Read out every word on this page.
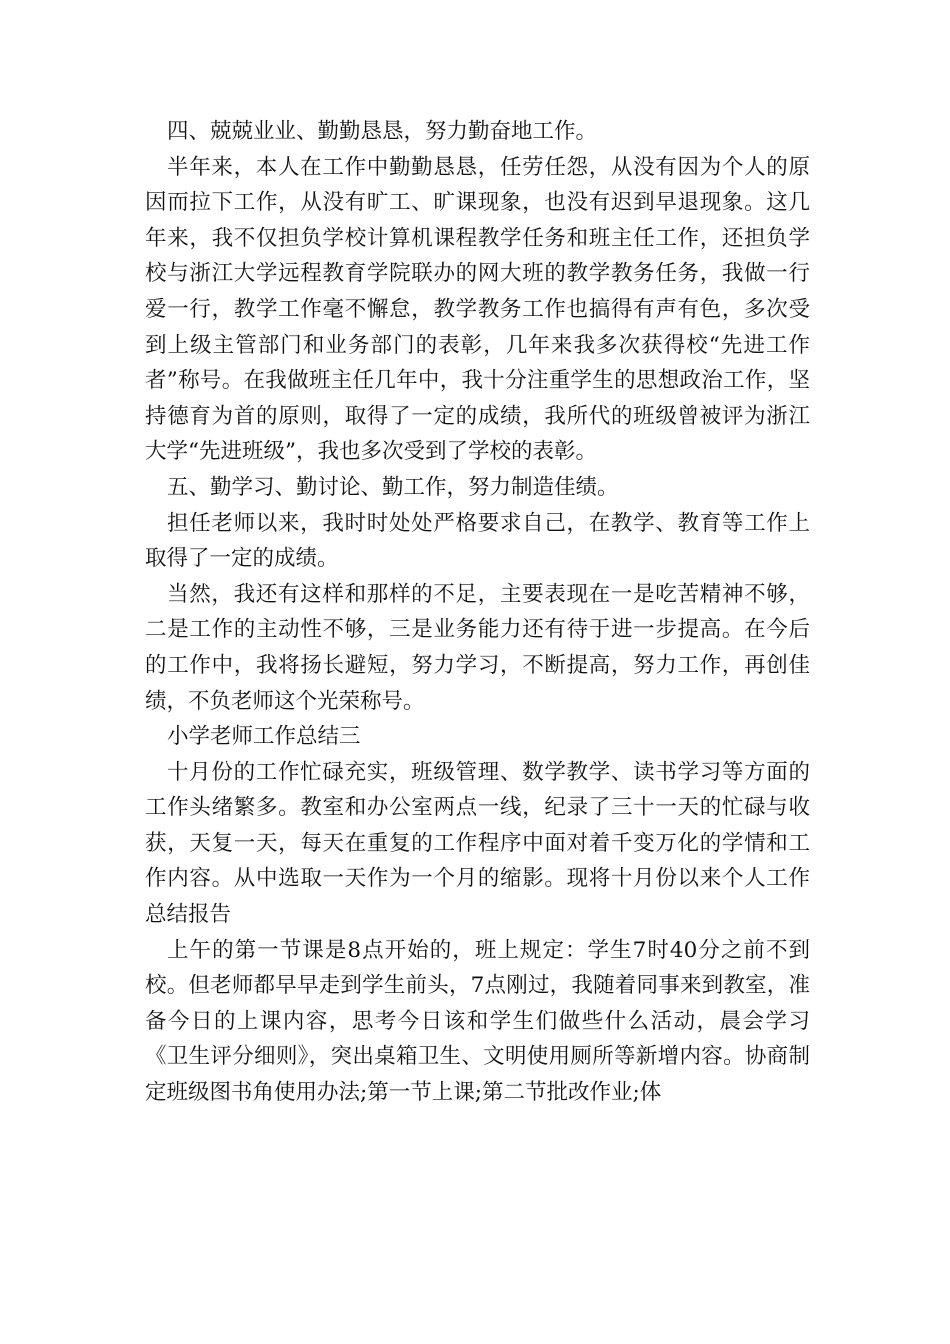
四、兢兢业业、勤勤恳恳，努力勤奋地工作。

半年来，本人在工作中勤勤恳恳，任劳任怨，从没有因为个人的原因而拉下工作，从没有旷工、旷课现象，也没有迟到早退现象。这几年来，我不仅担负学校计算机课程教学任务和班主任工作，还担负学校与浙江大学远程教育学院联办的网大班的教学教务任务，我做一行爱一行，教学工作毫不懈怠，教学教务工作也搞得有声有色，多次受到上级主管部门和业务部门的表彰，几年来我多次获得校“先进工作者”称号。在我做班主任几年中，我十分注重学生的思想政治工作，坚持德育为首的原则，取得了一定的成绩，我所代的班级曾被评为浙江大学“先进班级”，我也多次受到了学校的表彰。

五、勤学习、勤讨论、勤工作，努力制造佳绩。

担任老师以来，我时时处处严格要求自己，在教学、教育等工作上取得了一定的成绩。

当然，我还有这样和那样的不足，主要表现在一是吃苦精神不够，二是工作的主动性不够，三是业务能力还有待于进一步提高。在今后的工作中，我将扬长避短，努力学习，不断提高，努力工作，再创佳绩，不负老师这个光荣称号。

小学老师工作总结三

十月份的工作忙碌充实，班级管理、数学教学、读书学习等方面的工作头绪繁多。教室和办公室两点一线，纪录了三十一天的忙碌与收获，天复一天，每天在重复的工作程序中面对着千变万化的学情和工作内容。从中选取一天作为一个月的缩影。现将十月份以来个人工作总结报告

上午的第一节课是8点开始的，班上规定：学生7时40分之前不到校。但老师都早早走到学生前头，7点刚过，我随着同事来到教室，准备今日的上课内容，思考今日该和学生们做些什么活动，晨会学习《卫生评分细则》，突出桌箱卫生、文明使用厕所等新增内容。协商制定班级图书角使用办法;第一节上课;第二节批改作业;体
